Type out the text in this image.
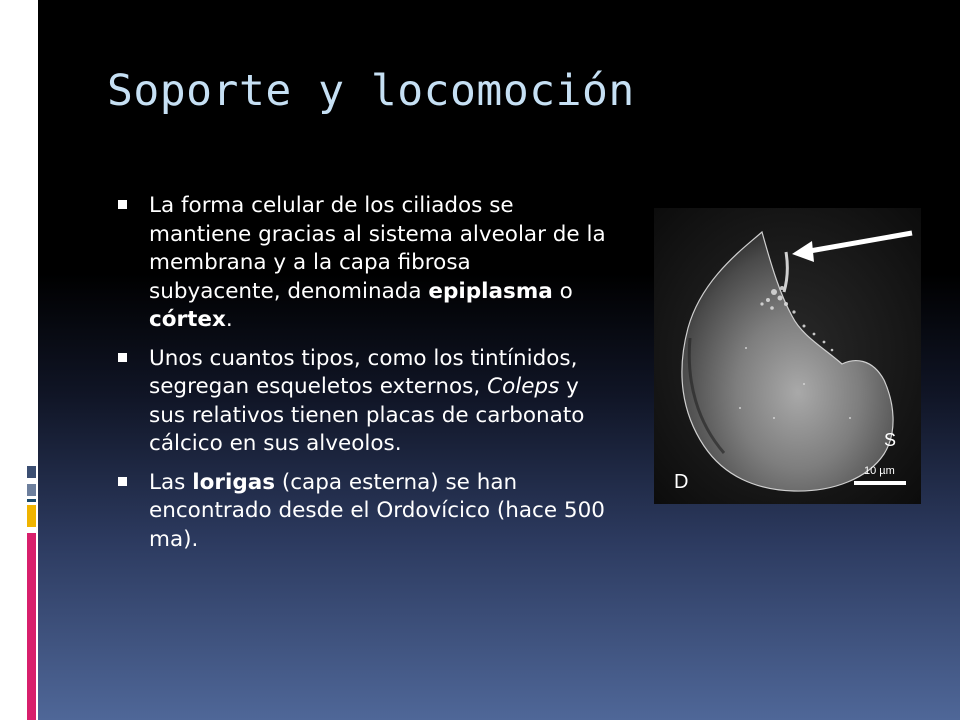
Soporte y locomoción
La forma celular de los ciliados se mantiene gracias al sistema alveolar de la membrana y a la capa fibrosa subyacente, denominada epiplasma o córtex.
Unos cuantos tipos, como los tintínidos, segregan esqueletos externos, Coleps y sus relativos tienen placas de carbonato cálcico en sus alveolos.
Las lorigas (capa esterna) se han encontrado desde el Ordovícico (hace 500 ma).
D
S
10 µm
